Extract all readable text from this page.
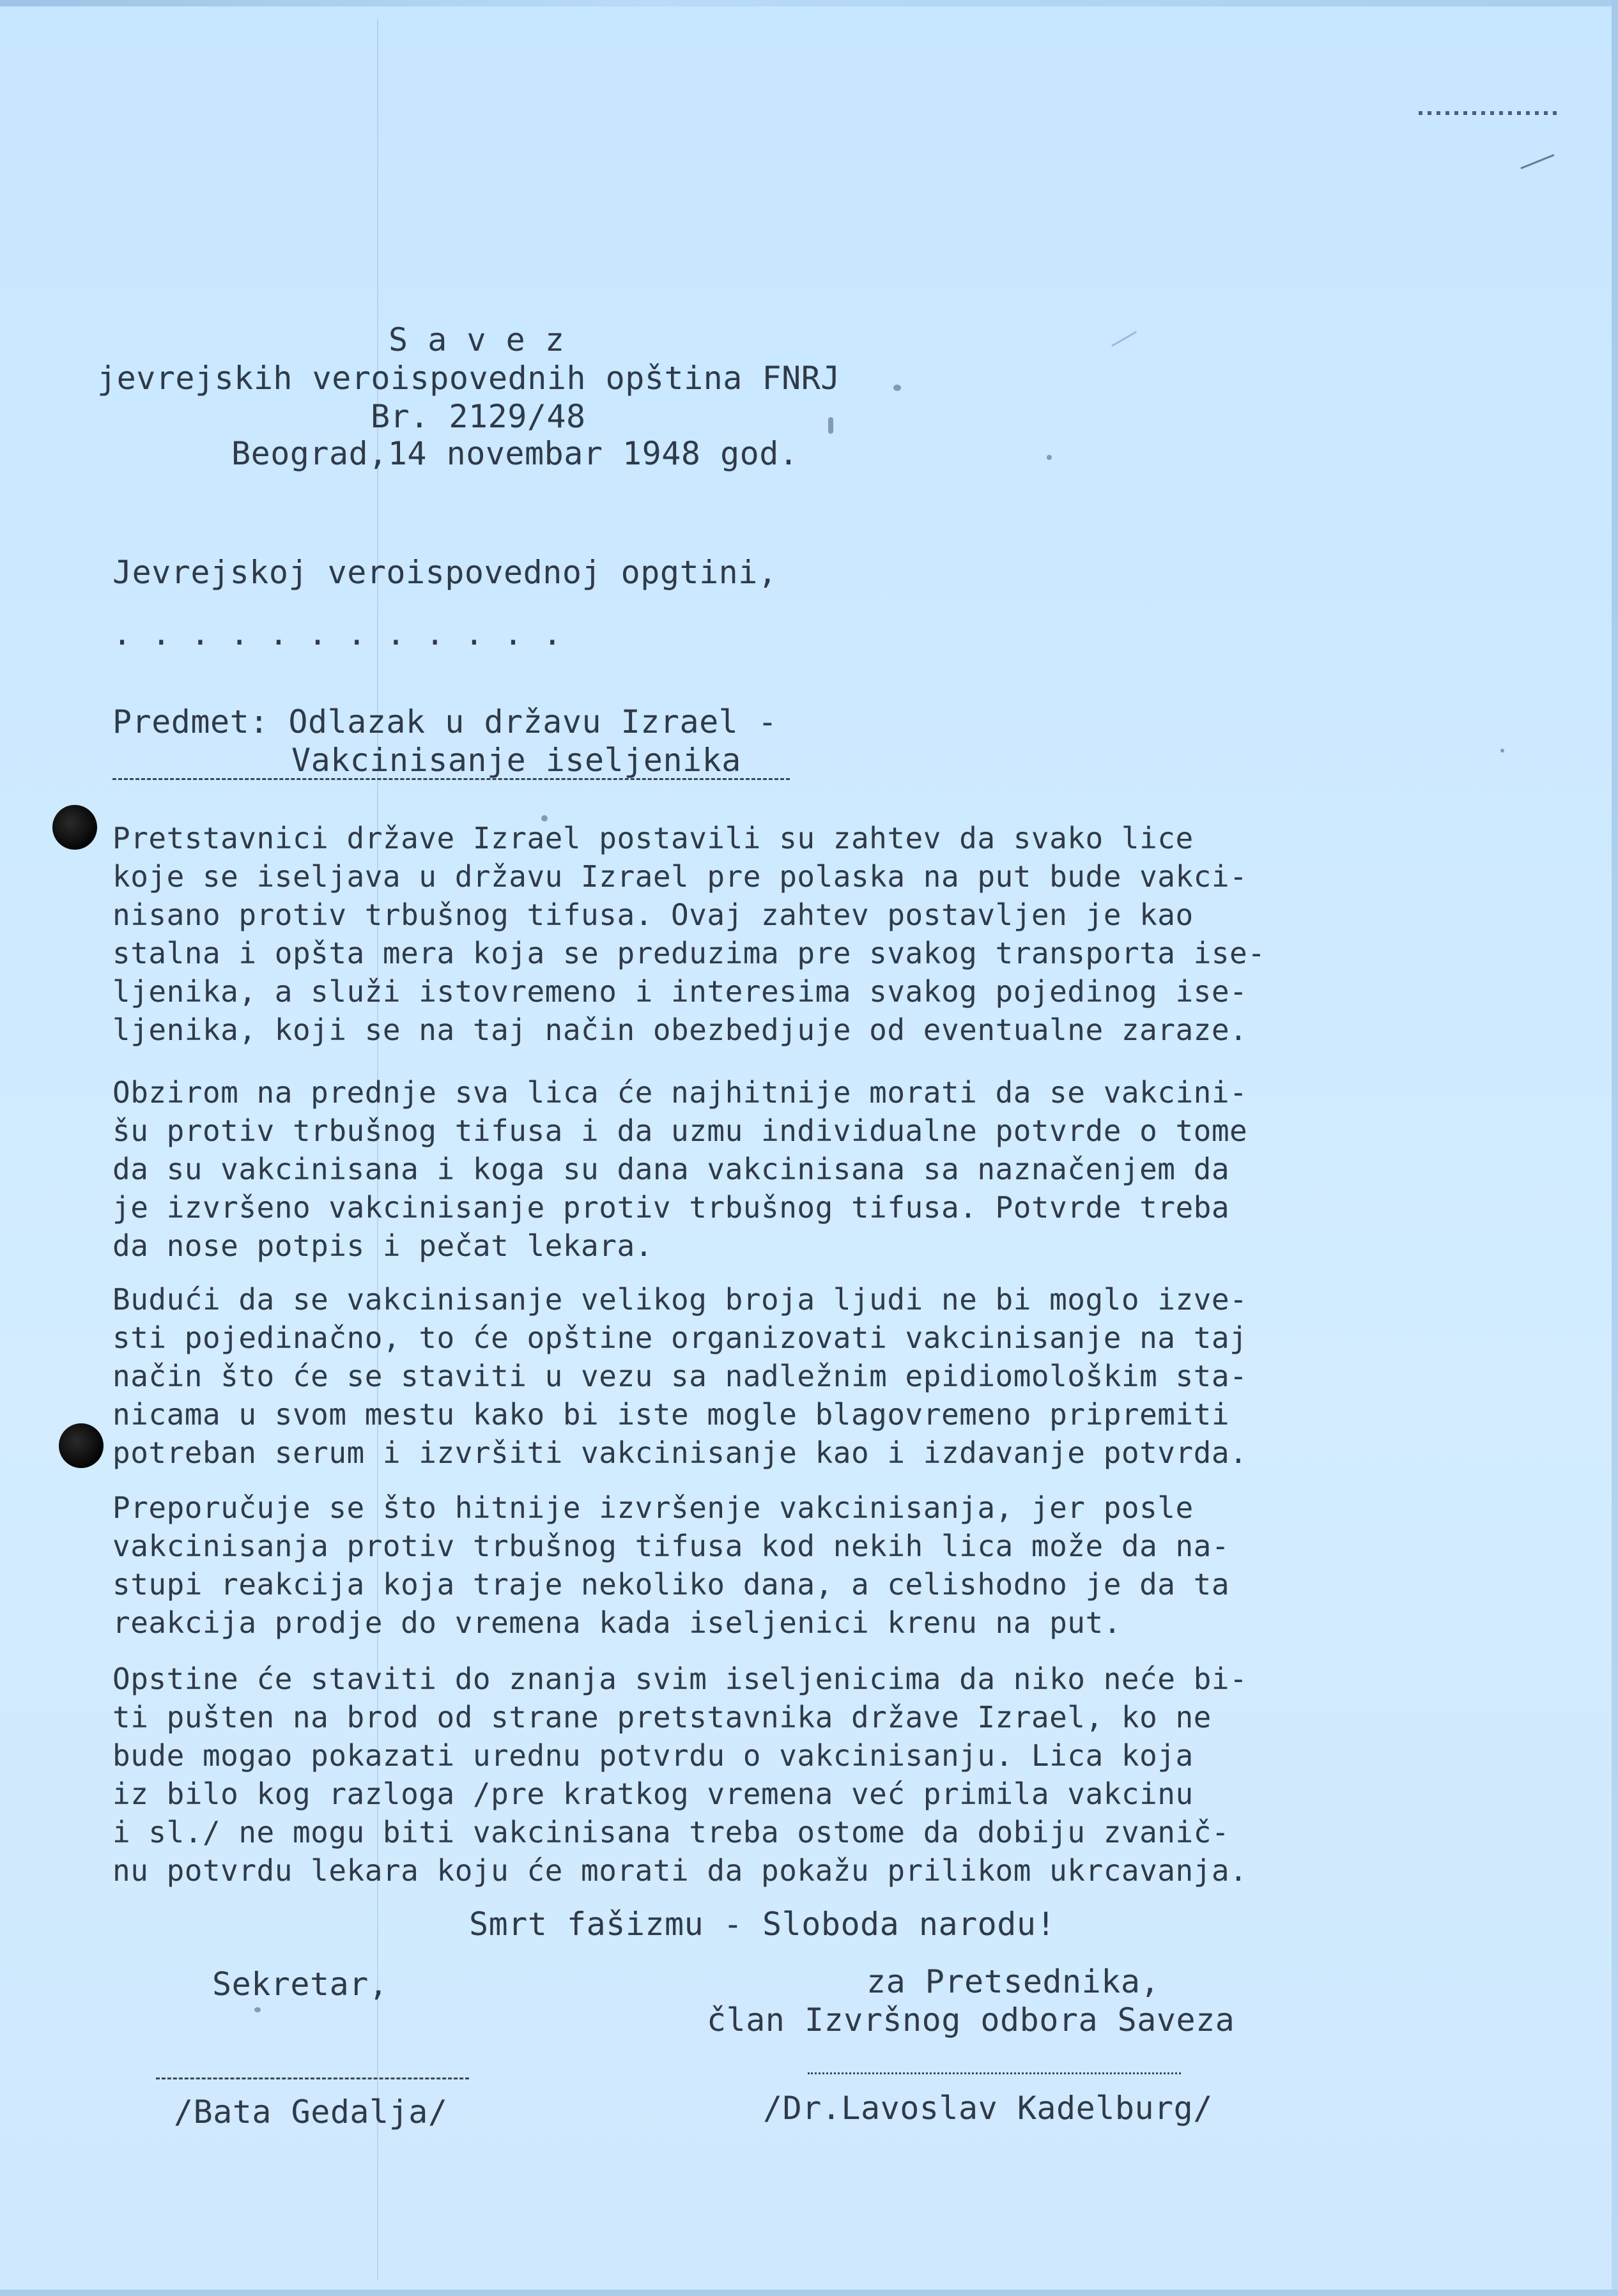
S a v e z
jevrejskih veroispovednih opština FNRJ
Br. 2129/48
Beograd,14 novembar 1948 god.
Jevrejskoj veroispovednoj opgtini,
. . . . . . . . . . . .
Predmet: Odlazak u državu Izrael -
Vakcinisanje iseljenika
Pretstavnici države Izrael postavili su zahtev da svako lice
koje se iseljava u državu Izrael pre polaska na put bude vakci-
nisano protiv trbušnog tifusa. Ovaj zahtev postavljen je kao
stalna i opšta mera koja se preduzima pre svakog transporta ise-
ljenika, a služi istovremeno i interesima svakog pojedinog ise-
ljenika, koji se na taj način obezbedjuje od eventualne zaraze.
Obzirom na prednje sva lica će najhitnije morati da se vakcini-
šu protiv trbušnog tifusa i da uzmu individualne potvrde o tome
da su vakcinisana i koga su dana vakcinisana sa naznačenjem da
je izvršeno vakcinisanje protiv trbušnog tifusa. Potvrde treba
da nose potpis i pečat lekara.
Budući da se vakcinisanje velikog broja ljudi ne bi moglo izve-
sti pojedinačno, to će opštine organizovati vakcinisanje na taj
način što će se staviti u vezu sa nadležnim epidiomološkim sta-
nicama u svom mestu kako bi iste mogle blagovremeno pripremiti
potreban serum i izvršiti vakcinisanje kao i izdavanje potvrda.
Preporučuje se što hitnije izvršenje vakcinisanja, jer posle
vakcinisanja protiv trbušnog tifusa kod nekih lica može da na-
stupi reakcija koja traje nekoliko dana, a celishodno je da ta
reakcija prodje do vremena kada iseljenici krenu na put.
Opstine će staviti do znanja svim iseljenicima da niko neće bi-
ti pušten na brod od strane pretstavnika države Izrael, ko ne
bude mogao pokazati urednu potvrdu o vakcinisanju. Lica koja
iz bilo kog razloga /pre kratkog vremena već primila vakcinu
i sl./ ne mogu biti vakcinisana treba ostome da dobiju zvanič-
nu potvrdu lekara koju će morati da pokažu prilikom ukrcavanja.
Smrt fašizmu - Sloboda narodu!
Sekretar,	za Pretsednika,
član Izvršnog odbora Saveza
/Bata Gedalja/	/Dr.Lavoslav Kadelburg/
